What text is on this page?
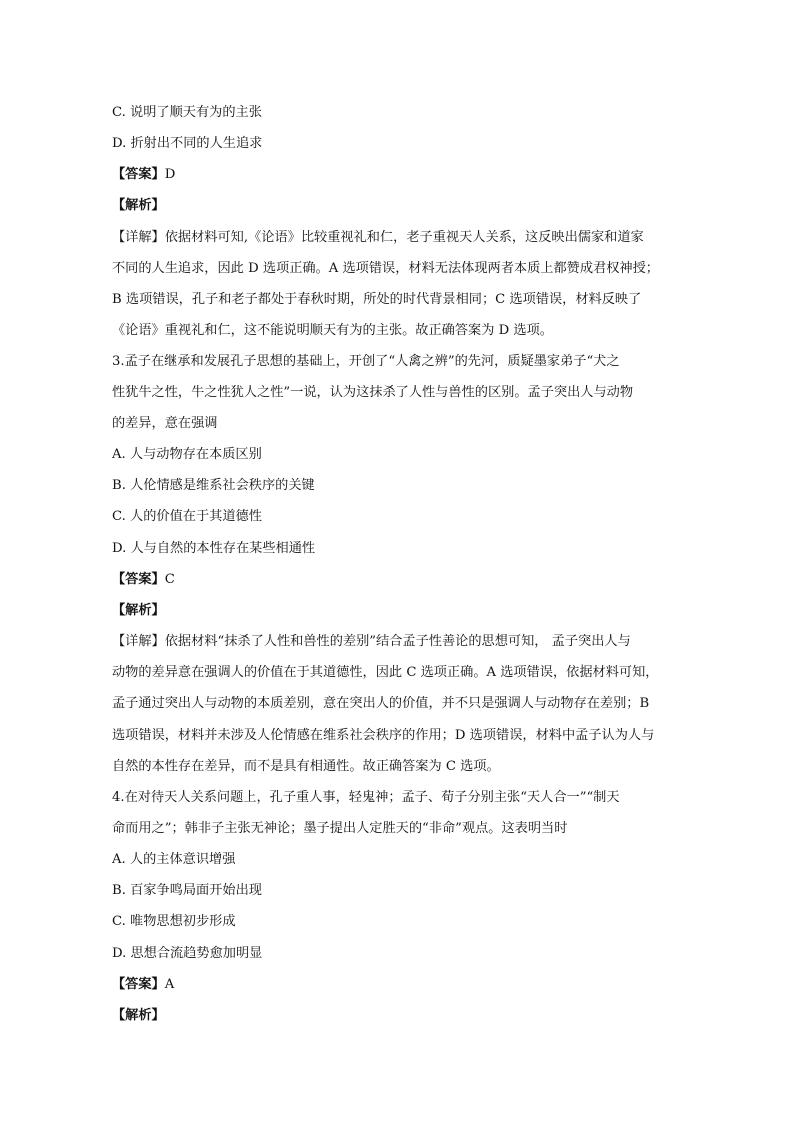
C. 说明了顺天有为的主张
D. 折射出不同的人生追求
【答案】D
【解析】
【详解】依据材料可知,《论语》比较重视礼和仁，老子重视天人关系，这反映出儒家和道家
不同的人生追求，因此 D 选项正确。A 选项错误，材料无法体现两者本质上都赞成君权神授；
B 选项错误，孔子和老子都处于春秋时期，所处的时代背景相同；C 选项错误，材料反映了
《论语》重视礼和仁，这不能说明顺天有为的主张。故正确答案为 D 选项。
3.孟子在继承和发展孔子思想的基础上，开创了“人禽之辨”的先河，质疑墨家弟子“犬之
性犹牛之性，牛之性犹人之性”一说，认为这抹杀了人性与兽性的区别。孟子突出人与动物
的差异，意在强调
A. 人与动物存在本质区别
B. 人伦情感是维系社会秩序的关键
C. 人的价值在于其道德性
D. 人与自然的本性存在某些相通性
【答案】C
【解析】
【详解】依据材料“抹杀了人性和兽性的差别”结合孟子性善论的思想可知， 孟子突出人与
动物的差异意在强调人的价值在于其道德性，因此 C 选项正确。A 选项错误，依据材料可知，
孟子通过突出人与动物的本质差别，意在突出人的价值，并不只是强调人与动物存在差别；B
选项错误，材料并未涉及人伦情感在维系社会秩序的作用；D 选项错误，材料中孟子认为人与
自然的本性存在差异，而不是具有相通性。故正确答案为 C 选项。
4.在对待天人关系问题上，孔子重人事，轻鬼神；孟子、荀子分别主张“天人合一”“制天
命而用之”；韩非子主张无神论；墨子提出人定胜天的“非命”观点。这表明当时
A. 人的主体意识增强
B. 百家争鸣局面开始出现
C. 唯物思想初步形成
D. 思想合流趋势愈加明显
【答案】A
【解析】
